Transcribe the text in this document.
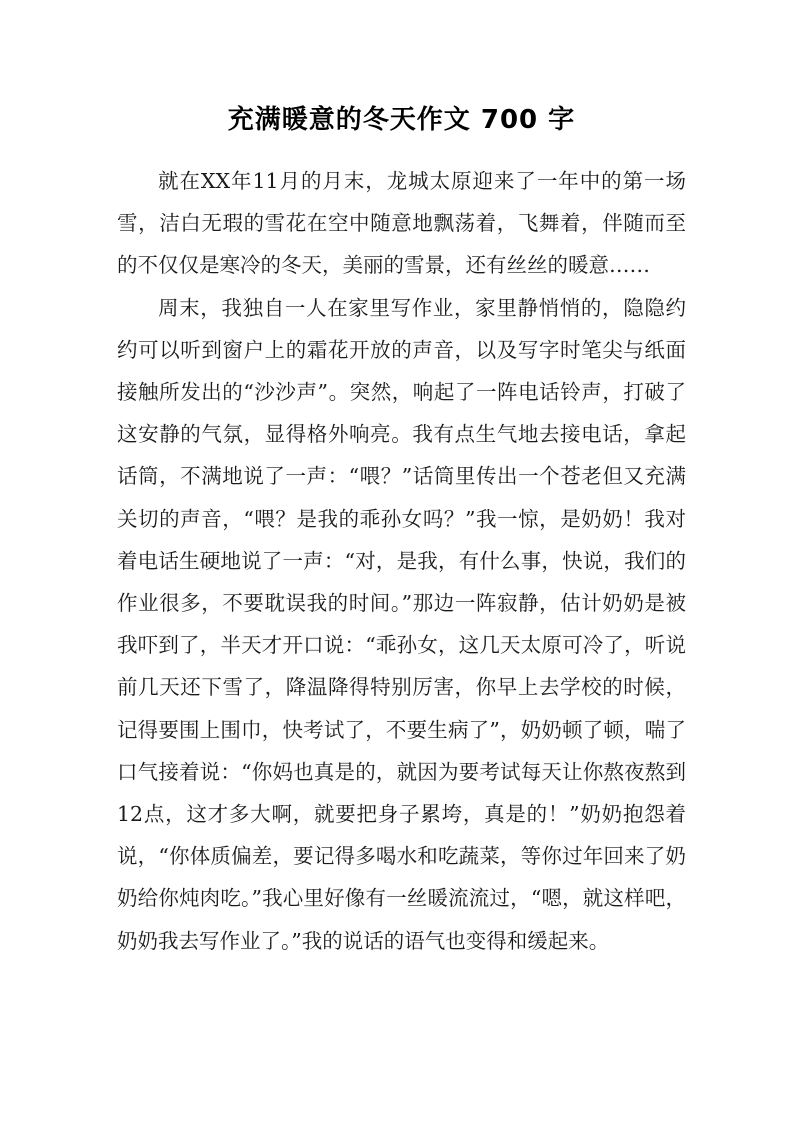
充满暖意的冬天作文 700 字

就在XX年11月的月末，龙城太原迎来了一年中的第一场雪，洁白无瑕的雪花在空中随意地飘荡着，飞舞着，伴随而至的不仅仅是寒冷的冬天，美丽的雪景，还有丝丝的暖意……

周末，我独自一人在家里写作业，家里静悄悄的，隐隐约约可以听到窗户上的霜花开放的声音，以及写字时笔尖与纸面接触所发出的“沙沙声”。突然，响起了一阵电话铃声，打破了这安静的气氛，显得格外响亮。我有点生气地去接电话，拿起话筒，不满地说了一声：“喂？”话筒里传出一个苍老但又充满关切的声音，“喂？是我的乖孙女吗？”我一惊，是奶奶！我对着电话生硬地说了一声：“对，是我，有什么事，快说，我们的作业很多，不要耽误我的时间。”那边一阵寂静，估计奶奶是被我吓到了，半天才开口说：“乖孙女，这几天太原可冷了，听说前几天还下雪了，降温降得特别厉害，你早上去学校的时候，记得要围上围巾，快考试了，不要生病了”，奶奶顿了顿，喘了口气接着说：“你妈也真是的，就因为要考试每天让你熬夜熬到12点，这才多大啊，就要把身子累垮，真是的！”奶奶抱怨着说，“你体质偏差，要记得多喝水和吃蔬菜，等你过年回来了奶奶给你炖肉吃。”我心里好像有一丝暖流流过，“嗯，就这样吧，奶奶我去写作业了。”我的说话的语气也变得和缓起来。
